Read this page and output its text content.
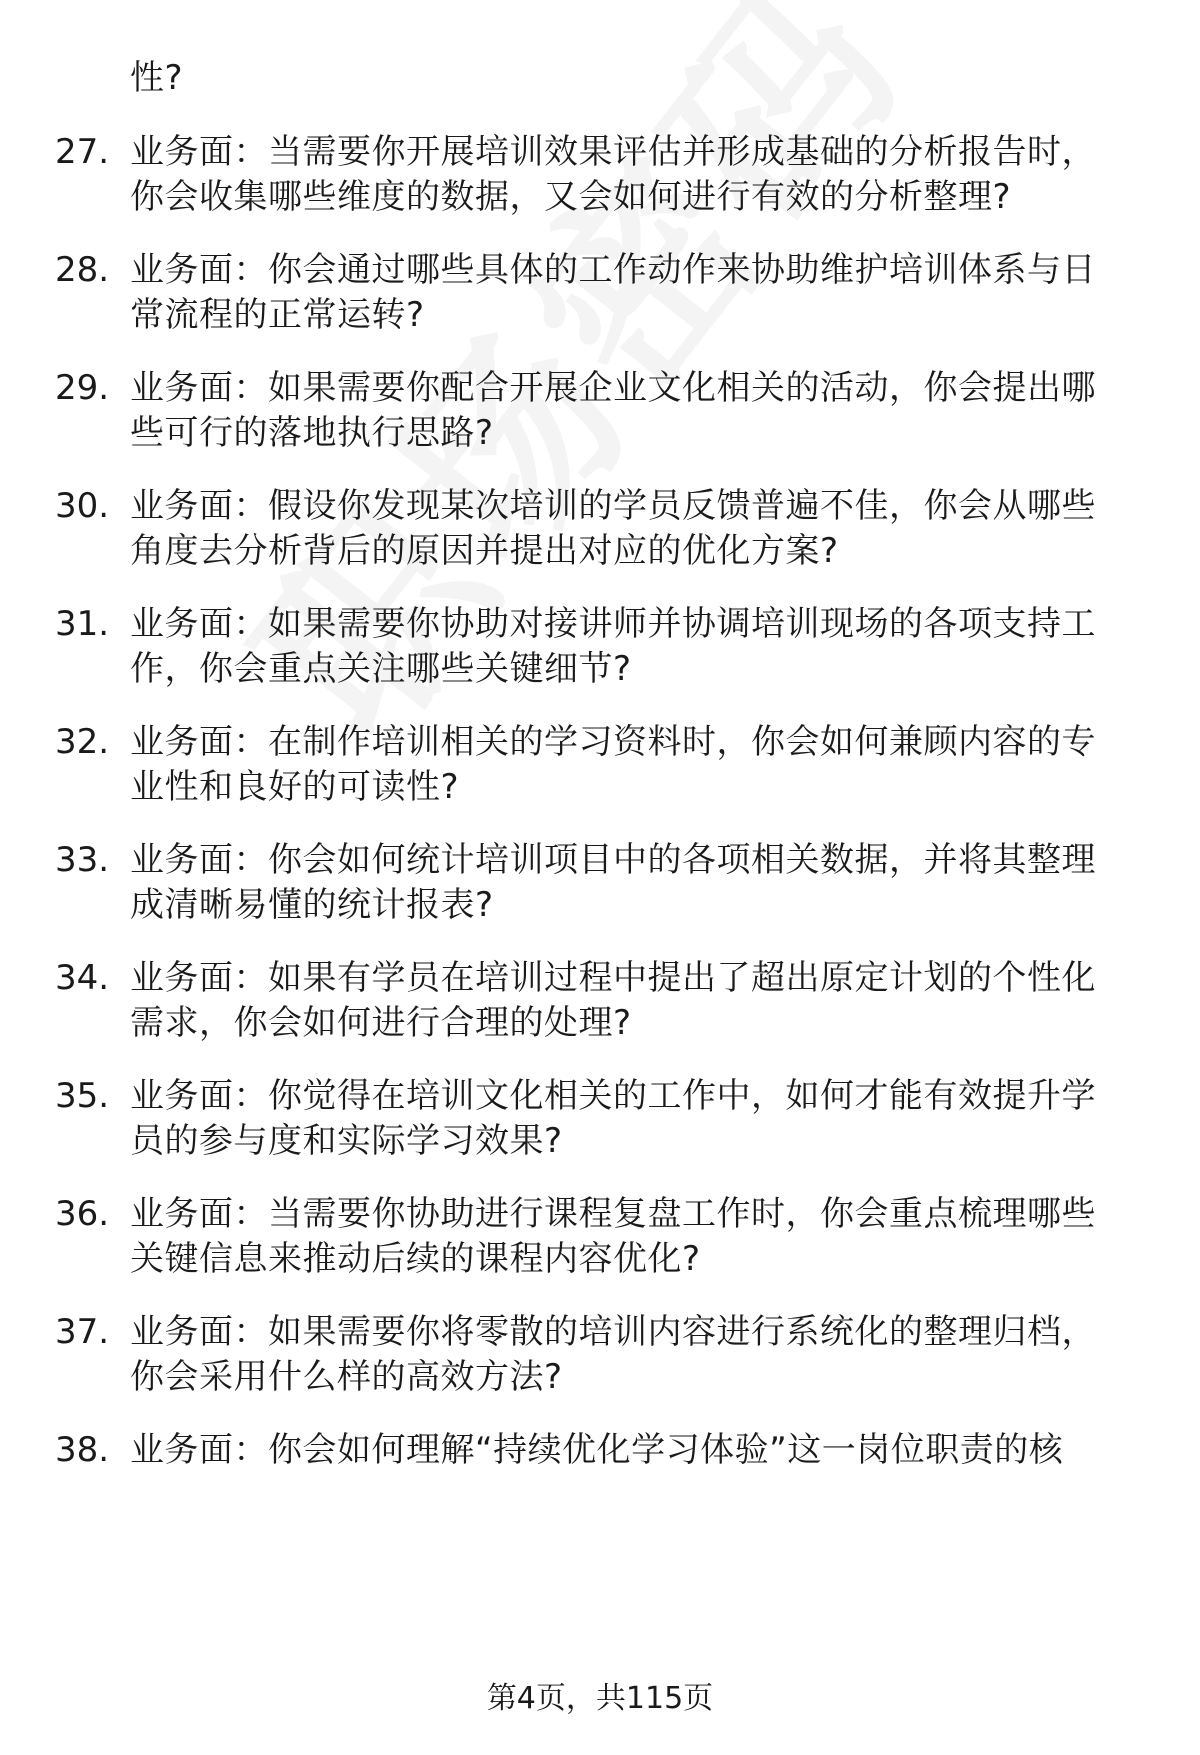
性?
27. 业务面：当需要你开展培训效果评估并形成基础的分析报告时，
你会收集哪些维度的数据，又会如何进行有效的分析整理?
28. 业务面：你会通过哪些具体的工作动作来协助维护培训体系与日
常流程的正常运转?
29. 业务面：如果需要你配合开展企业文化相关的活动，你会提出哪
些可行的落地执行思路?
30. 业务面：假设你发现某次培训的学员反馈普遍不佳，你会从哪些
角度去分析背后的原因并提出对应的优化方案?
31. 业务面：如果需要你协助对接讲师并协调培训现场的各项支持工
作，你会重点关注哪些关键细节?
32. 业务面：在制作培训相关的学习资料时，你会如何兼顾内容的专
业性和良好的可读性?
33. 业务面：你会如何统计培训项目中的各项相关数据，并将其整理
成清晰易懂的统计报表?
34. 业务面：如果有学员在培训过程中提出了超出原定计划的个性化
需求，你会如何进行合理的处理?
35. 业务面：你觉得在培训文化相关的工作中，如何才能有效提升学
员的参与度和实际学习效果?
36. 业务面：当需要你协助进行课程复盘工作时，你会重点梳理哪些
关键信息来推动后续的课程内容优化?
37. 业务面：如果需要你将零散的培训内容进行系统化的整理归档，
你会采用什么样的高效方法?
38. 业务面：你会如何理解“持续优化学习体验”这一岗位职责的核
第4页，共115页
